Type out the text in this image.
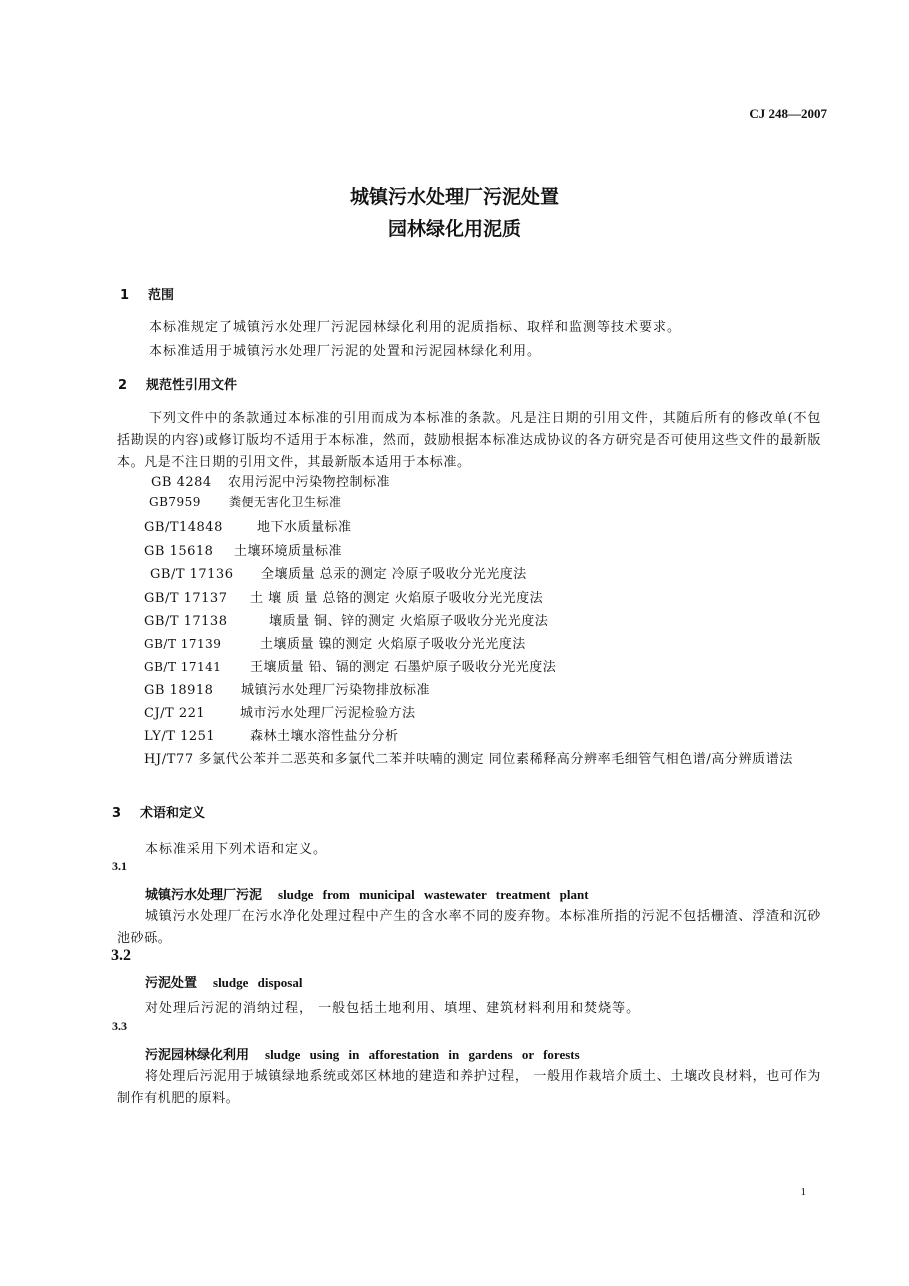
CJ 248—2007
城镇污水处理厂污泥处置
园林绿化用泥质
1 范围
本标准规定了城镇污水处理厂污泥园林绿化利用的泥质指标、取样和监测等技术要求。
本标准适用于城镇污水处理厂污泥的处置和污泥园林绿化利用。
2 规范性引用文件
下列文件中的条款通过本标准的引用而成为本标准的条款。凡是注日期的引用文件，其随后所有的修改单(不包括勘误的内容)或修订版均不适用于本标准，然而，鼓励根据本标准达成协议的各方研究是否可使用这些文件的最新版本。凡是不注日期的引用文件，其最新版本适用于本标准。
GB 4284 农用污泥中污染物控制标准
GB7959 粪便无害化卫生标准
GB/T14848	地下水质量标准
GB 15618 土壤环境质量标准
GB/T 17136 全壤质量 总汞的测定 冷原子吸收分光光度法
GB/T 17137 土 壤 质 量 总铬的测定 火焰原子吸收分光光度法
GB/T 17138	壤质量 铜、锌的测定 火焰原子吸收分光光度法
GB/T 17139	土壤质量 镍的测定 火焰原子吸收分光光度法
GB/T 17141 王壤质量 铅、镉的测定 石墨炉原子吸收分光光度法
GB 18918 城镇污水处理厂污染物排放标准
CJ/T 221	城市污水处理厂污泥检验方法
LY/T 1251	森林土壤水溶性盐分分析
HJ/T77 多氯代公苯并二恶英和多氯代二苯并呋喃的测定 同位素稀释高分辨率毛细管气相色谱/高分辨质谱法
3 术语和定义
本标准采用下列术语和定义。
3.1
城镇污水处理厂污泥 sludge from municipal wastewater treatment plant
城镇污水处理厂在污水净化处理过程中产生的含水率不同的废弃物。本标准所指的污泥不包括栅渣、浮渣和沉砂池砂砾。
3.2
污泥处置 sludge disposal
对处理后污泥的消纳过程， 一般包括土地利用、填埋、建筑材料利用和焚烧等。
3.3
污泥园林绿化利用 sludge using in afforestation in gardens or forests
将处理后污泥用于城镇绿地系统或郊区林地的建造和养护过程， 一般用作栽培介质土、土壤改良材料，也可作为制作有机肥的原料。
1
